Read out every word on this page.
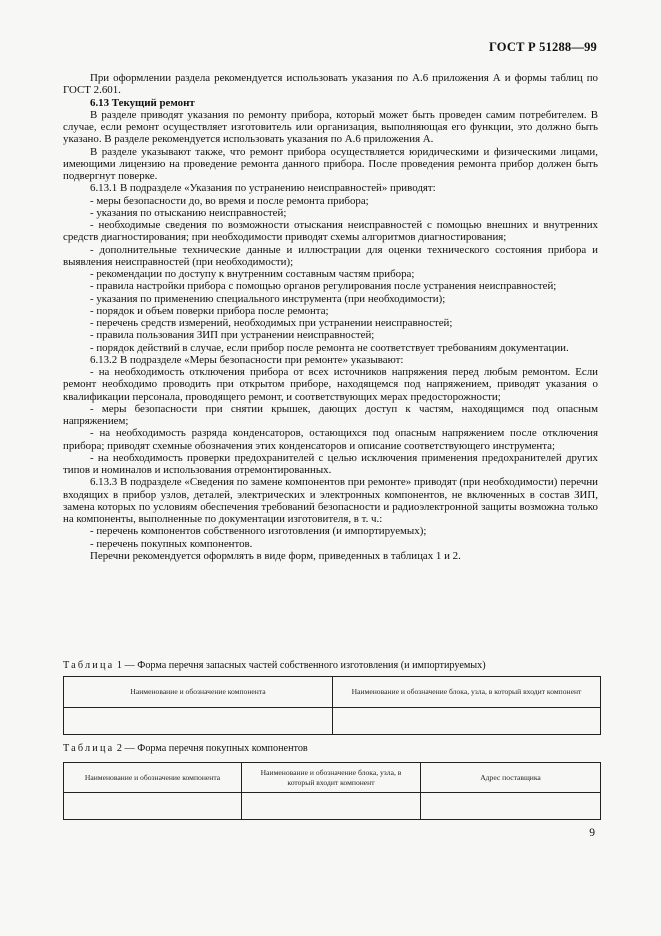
ГОСТ Р 51288—99

При оформлении раздела рекомендуется использовать указания по А.6 приложения А и формы таблиц по ГОСТ 2.601.

6.13 Текущий ремонт

В разделе приводят указания по ремонту прибора, который может быть проведен самим потребителем. В случае, если ремонт осуществляет изготовитель или организация, выполняющая его функции, это должно быть указано. В разделе рекомендуется использовать указания по А.6 приложения А.

В разделе указывают также, что ремонт прибора осуществляется юридическими и физическими лицами, имеющими лицензию на проведение ремонта данного прибора. После проведения ремонта прибор должен быть подвергнут поверке.

6.13.1 В подразделе «Указания по устранению неисправностей» приводят:

- меры безопасности до, во время и после ремонта прибора;

- указания по отысканию неисправностей;

- необходимые сведения по возможности отыскания неисправностей с помощью внешних и внутренних средств диагностирования; при необходимости приводят схемы алгоритмов диагностирования;

- дополнительные технические данные и иллюстрации для оценки технического состояния прибора и выявления неисправностей (при необходимости);

- рекомендации по доступу к внутренним составным частям прибора;

- правила настройки прибора с помощью органов регулирования после устранения неисправностей;

- указания по применению специального инструмента (при необходимости);

- порядок и объем поверки прибора после ремонта;

- перечень средств измерений, необходимых при устранении неисправностей;

- правила пользования ЗИП при устранении неисправностей;

- порядок действий в случае, если прибор после ремонта не соответствует требованиям документации.

6.13.2 В подразделе «Меры безопасности при ремонте» указывают:

- на необходимость отключения прибора от всех источников напряжения перед любым ремонтом. Если ремонт необходимо проводить при открытом приборе, находящемся под напряжением, приводят указания о квалификации персонала, проводящего ремонт, и соответствующих мерах предосторожности;

- меры безопасности при снятии крышек, дающих доступ к частям, находящимся под опасным напряжением;

- на необходимость разряда конденсаторов, остающихся под опасным напряжением после отключения прибора; приводят схемные обозначения этих конденсаторов и описание соответствующего инструмента;

- на необходимость проверки предохранителей с целью исключения применения предохранителей других типов и номиналов и использования отремонтированных.

6.13.3 В подразделе «Сведения по замене компонентов при ремонте» приводят (при необходимости) перечни входящих в прибор узлов, деталей, электрических и электронных компонентов, не включенных в состав ЗИП, замена которых по условиям обеспечения требований безопасности и радиоэлектронной защиты возможна только на компоненты, выполненные по документации изготовителя, в т. ч.:

- перечень компонентов собственного изготовления (и импортируемых);

- перечень покупных компонентов.

Перечни рекомендуется оформлять в виде форм, приведенных в таблицах 1 и 2.

Таблица 1 — Форма перечня запасных частей собственного изготовления (и импортируемых)
Наименование и обозначение компонента	Наименование и обозначение блока, узла, в который входит компонент

Таблица 2 — Форма перечня покупных компонентов
Наименование и обозначение компонента	Наименование и обозначение блока, узла, в который входит компонент	Адрес поставщика

9
